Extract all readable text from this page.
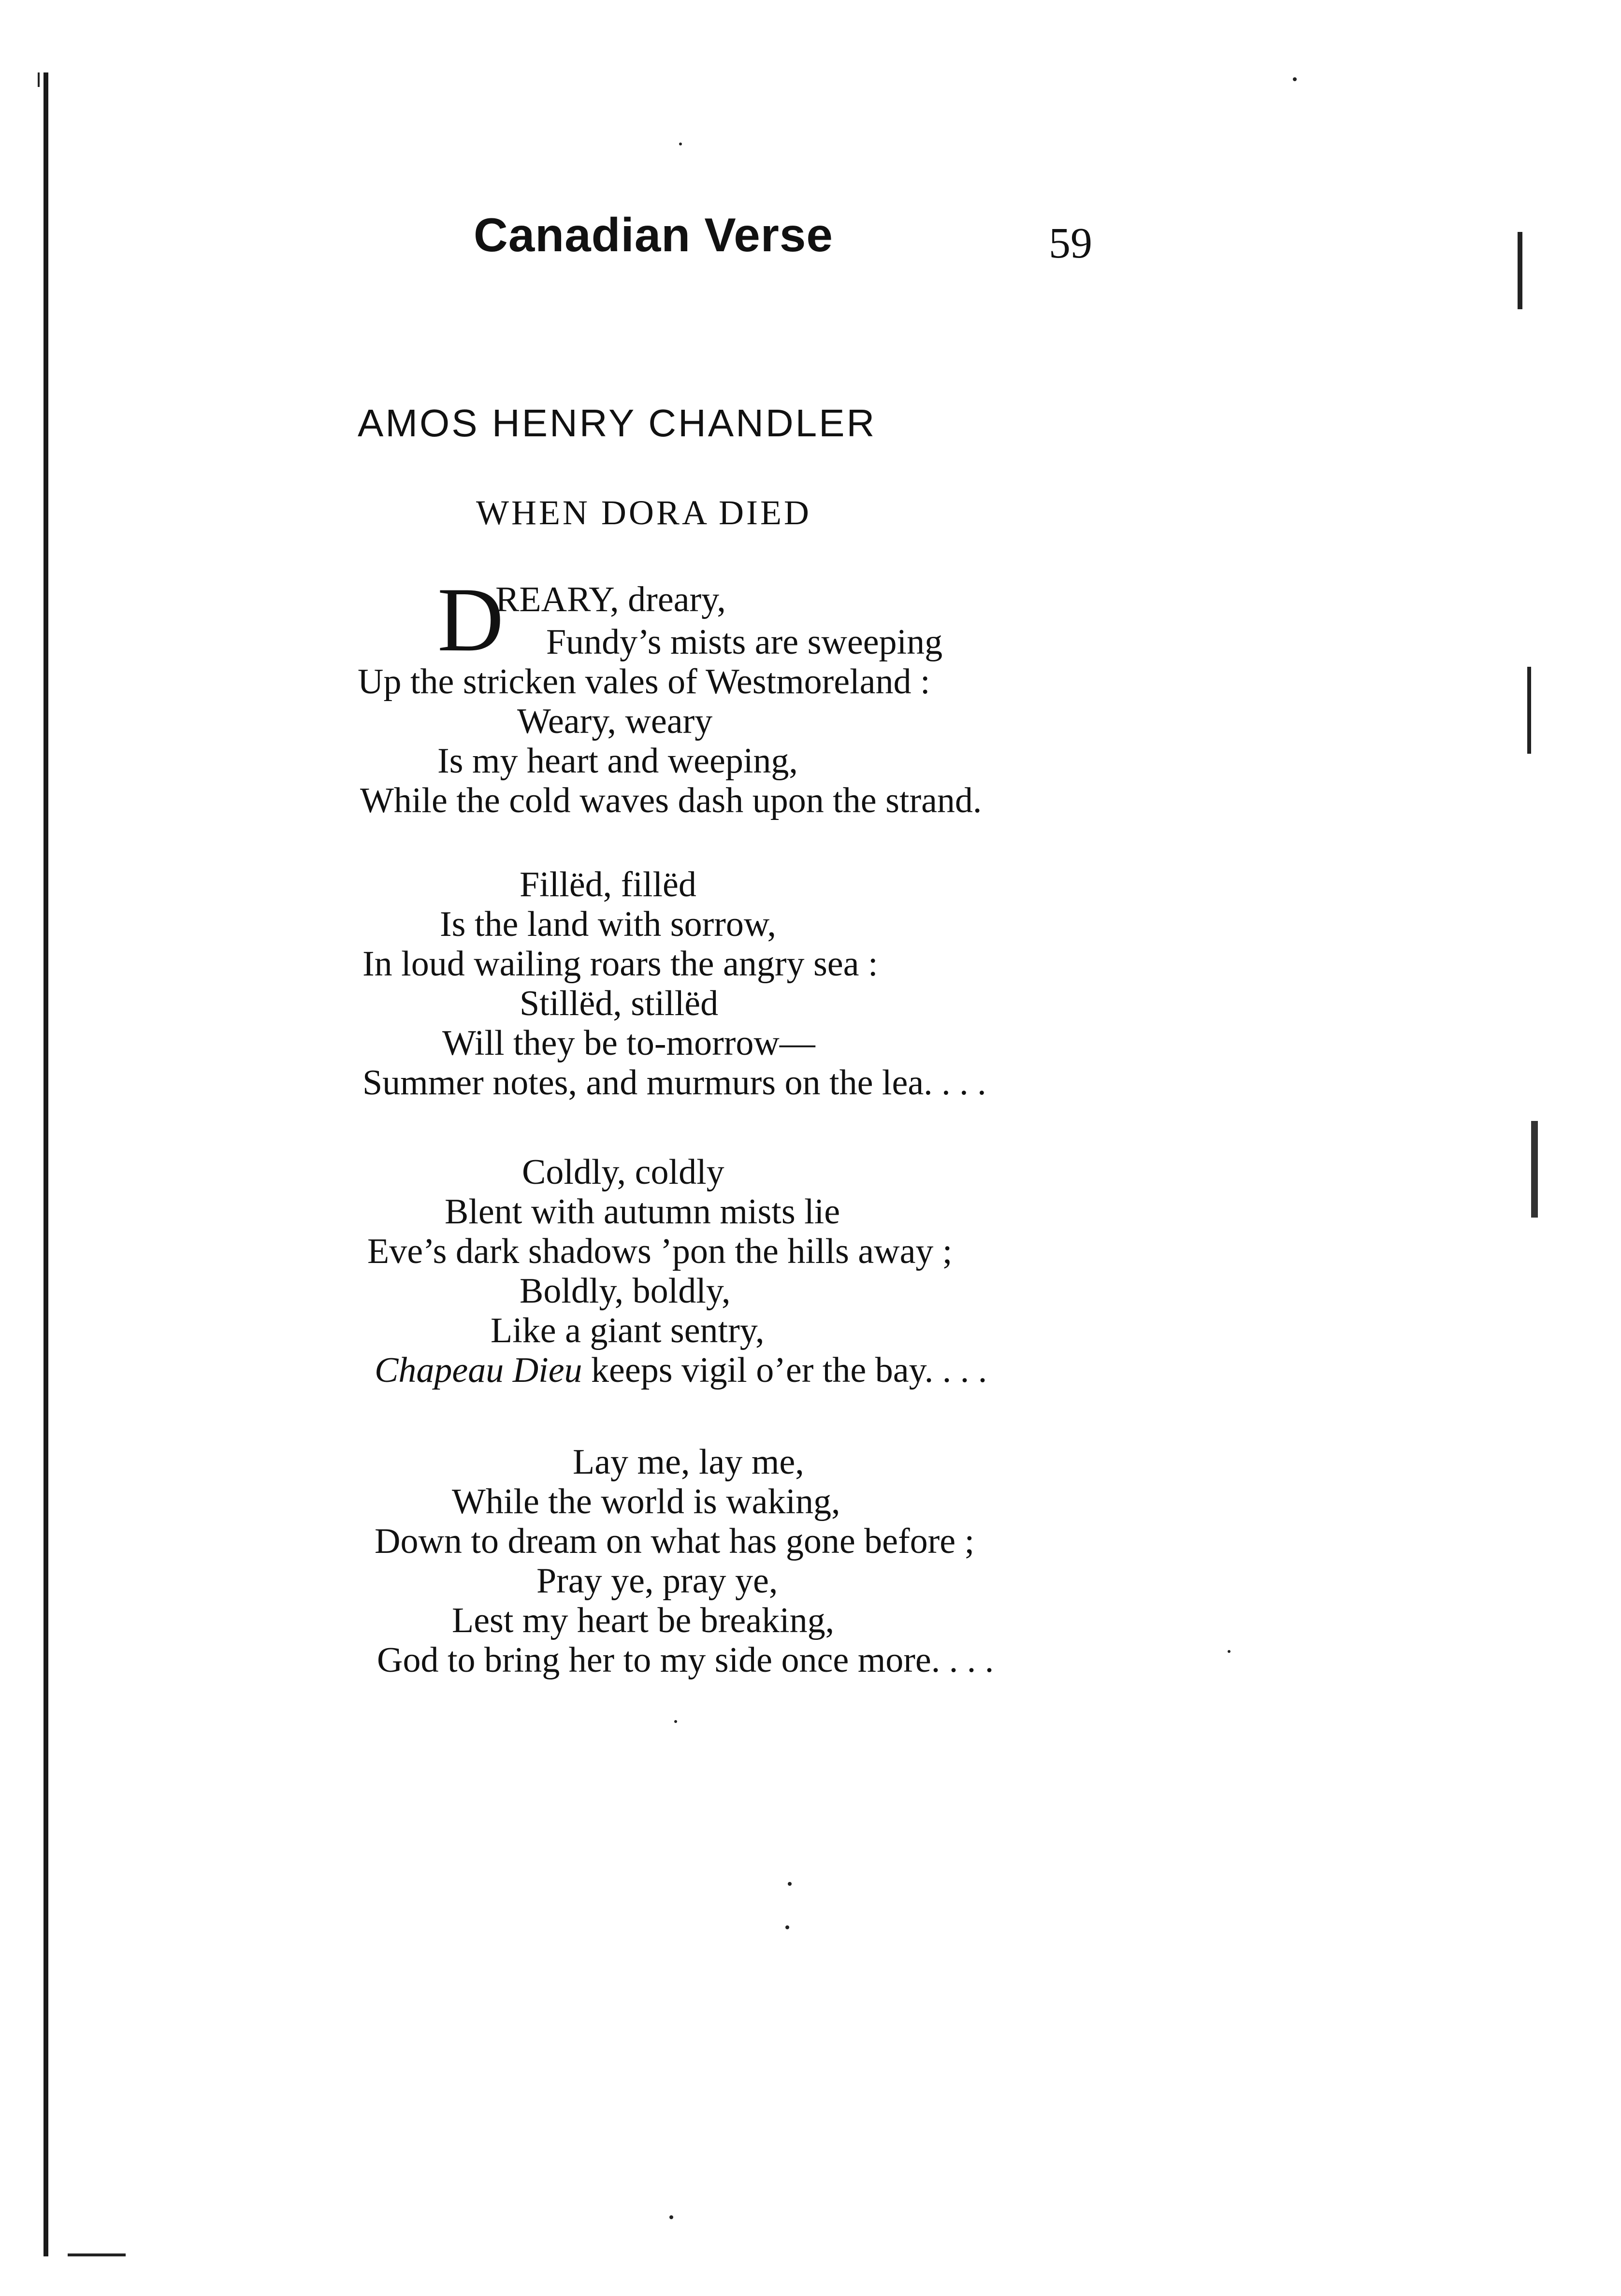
Canadian Verse	59
AMOS HENRY CHANDLER
WHEN DORA DIED
D
REARY, dreary,
Fundy’s mists are sweeping
Up the stricken vales of Westmoreland :
Weary, weary
Is my heart and weeping,
While the cold waves dash upon the strand.
Fillëd, fillëd
Is the land with sorrow,
In loud wailing roars the angry sea :
Stillëd, stillëd
Will they be to-morrow—
Summer notes, and murmurs on the lea. . . .
Coldly, coldly
Blent with autumn mists lie
Eve’s dark shadows ’pon the hills away ;
Boldly, boldly,
Like a giant sentry,
Chapeau Dieu keeps vigil o’er the bay. . . .
Lay me, lay me,
While the world is waking,
Down to dream on what has gone before ;
Pray ye, pray ye,
Lest my heart be breaking,
God to bring her to my side once more. . . .
